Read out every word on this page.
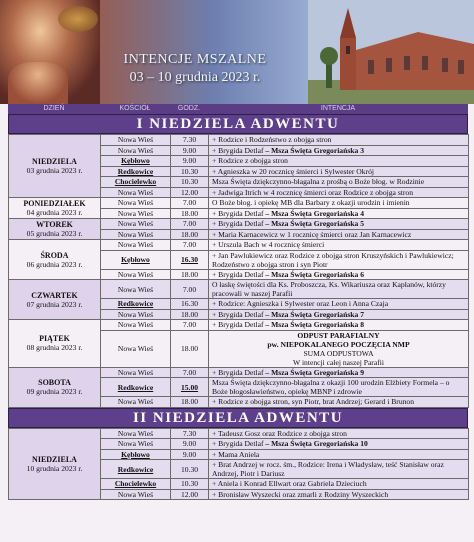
INTENCJE MSZALNE
03 – 10 grudnia 2023 r.
DZIEŃ	KOŚCIÓŁ	GODZ.	INTENCJA
I NIEDZIELA ADWENTU
NIEDZIELA
03 grudnia 2023 r.	Nowa Wieś	7.30	+ Rodzice i Rodzeństwo z obojga stron
	Nowa Wieś	9.00	+ Brygida Detlaf – Msza Święta Gregoriańska 3
	Kębłowo	9.00	+ Rodzice z obojga stron
	Redkowice	10.30	+ Agnieszka w 20 rocznicę śmierci i Sylwester Okrój
	Chocielewko	10.30	Msza Święta dziękczynno-błagalna z prośbą o Boże błog. w Rodzinie
	Nowa Wieś	12.00	+ Jadwiga Itrich w 4 rocznicę śmierci oraz Rodzice z obojga stron

PONIEDZIAŁEK
04 grudnia 2023 r.	Nowa Wieś	7.00	O Boże błog. i opiekę MB dla Barbary z okazji urodzin i imienin
	Nowa Wieś	18.00	+ Brygida Detlaf – Msza Święta Gregoriańska 4

WTOREK
05 grudnia 2023 r.	Nowa Wieś	7.00	+ Brygida Detlaf – Msza Święta Gregoriańska 5
	Nowa Wieś	18.00	+ Maria Karnacewicz w 1 rocznicę śmierci oraz Jan Karnacewicz

ŚRODA
06 grudnia 2023 r.	Nowa Wieś	7.00	+ Urszula Bach w 4 rocznicę śmierci
	Kębłowo	16.30	+ Jan Pawlukiewicz oraz Rodzice z obojga stron Kruszyńskich i Pawlukiewicz; Rodzeństwo z obojga stron i syn Piotr
	Nowa Wieś	18.00	+ Brygida Detlaf – Msza Święta Gregoriańska 6

CZWARTEK
07 grudnia 2023 r.	Nowa Wieś	7.00	O łaskę świętości dla Ks. Proboszcza, Ks. Wikariusza oraz Kapłanów, którzy pracowali w naszej Parafii
	Redkowice	16.30	+ Rodzice: Agnieszka i Sylwester oraz Leon i Anna Czaja
	Nowa Wieś	18.00	+ Brygida Detlaf – Msza Święta Gregoriańska 7

PIĄTEK
08 grudnia 2023 r.	Nowa Wieś	7.00	+ Brygida Detlaf – Msza Święta Gregoriańska 8
	Nowa Wieś	18.00	ODPUST PARAFIALNY
pw. NIEPOKALANEGO POCZĘCIA NMP
SUMA ODPUSTOWA
W intencji całej naszej Parafii

SOBOTA
09 grudnia 2023 r.	Nowa Wieś	7.00	+ Brygida Detlaf – Msza Święta Gregoriańska 9
	Redkowice	15.00	Msza Święta dziękczynno-błagalna z okazji 100 urodzin Elżbiety Formela – o Boże błogosławieństwo, opiekę MBNP i zdrowie
	Nowa Wieś	18.00	+ Rodzice z obojga stron, syn Piotr, brat Andrzej; Gerard i Brunon
II NIEDZIELA ADWENTU
NIEDZIELA
10 grudnia 2023 r.	Nowa Wieś	7.30	+ Tadeusz Gosz oraz Rodzice z obojga stron
	Nowa Wieś	9.00	+ Brygida Detlaf – Msza Święta Gregoriańska 10
	Kębłowo	9.00	+ Mama Aniela
	Redkowice	10.30	+ Brat Andrzej w rocz. śm., Rodzice: Irena i Władysław, teść Stanisław oraz Andrzej, Piotr i Dariusz
	Chocielewko	10.30	+ Aniela i Konrad Ellwart oraz Gabriela Dzieciuch
	Nowa Wieś	12.00	+ Bronisław Wyszecki oraz zmarli z Rodziny Wyszeckich
